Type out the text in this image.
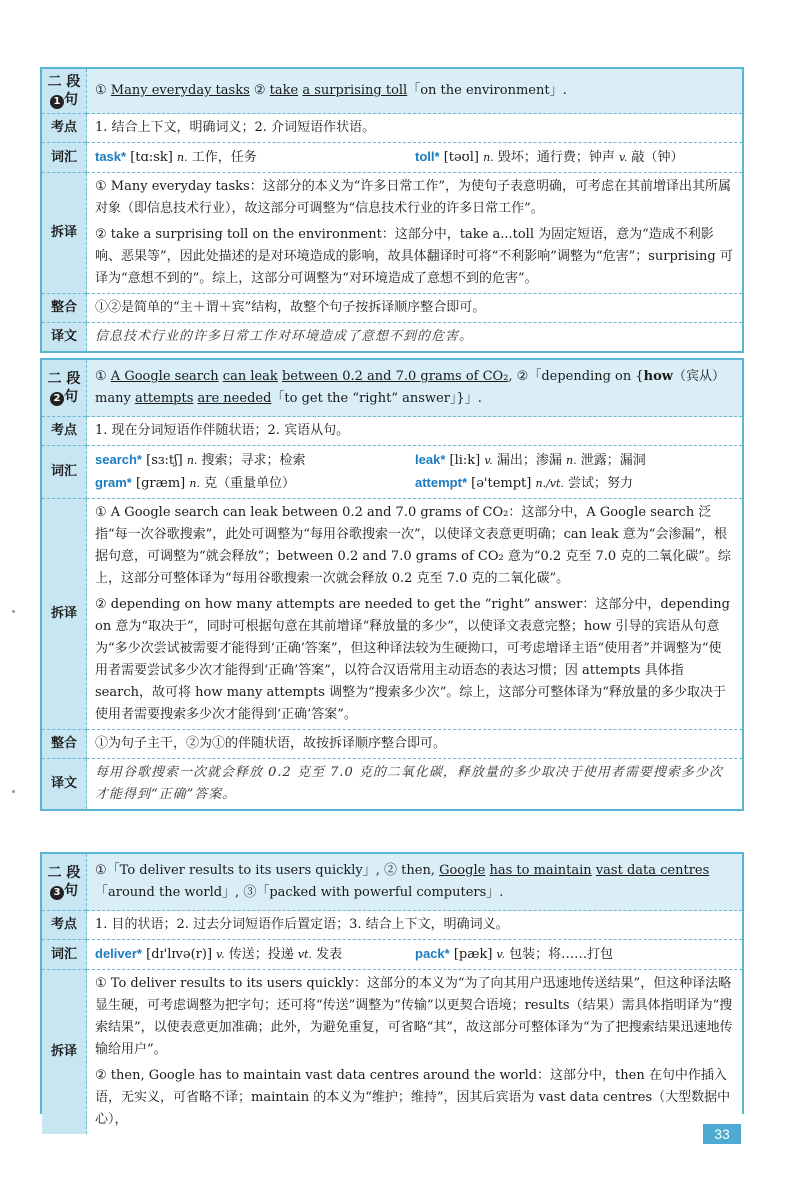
二 段
1 句	① Many everyday tasks ② take a surprising toll「on the environment」.
考点	1. 结合上下文，明确词义；2. 介词短语作状语。
词汇	task* [tɑ:sk] n. 工作，任务 toll* [təʊl] n. 毁坏；通行费；钟声 v. 敲（钟）

拆译	① Many everyday tasks：这部分的本义为“许多日常工作”，为使句子表意明确，可考虑在其前增译出其所属对象（即信息技术行业），故这部分可调整为“信息技术行业的许多日常工作”。

② take a surprising toll on the environment：这部分中，take a...toll 为固定短语，意为“造成不利影响、恶果等”，因此处描述的是对环境造成的影响，故具体翻译时可将“不利影响”调整为“危害”；surprising 可译为“意想不到的”。综上，这部分可调整为“对环境造成了意想不到的危害”。

整合	①②是简单的“主＋谓＋宾”结构，故整个句子按拆译顺序整合即可。
译文	信息技术行业的许多日常工作对环境造成了意想不到的危害。
二 段
2 句	① A Google search can leak between 0.2 and 7.0 grams of CO₂, ②「depending on {how（宾从）many attempts are needed「to get the “right” answer」}」.
考点	1. 现在分词短语作伴随状语；2. 宾语从句。
词汇	search* [sɜ:tʃ] n. 搜索；寻求；检索 leak* [li:k] v. 漏出；渗漏 n. 泄露；漏洞
gram* [græm] n. 克（重量单位） attempt* [ə'tempt] n./vt. 尝试；努力

拆译	① A Google search can leak between 0.2 and 7.0 grams of CO₂：这部分中，A Google search 泛指“每一次谷歌搜索”，此处可调整为“每用谷歌搜索一次”，以使译文表意更明确；can leak 意为“会渗漏”，根据句意，可调整为“就会释放”；between 0.2 and 7.0 grams of CO₂ 意为“0.2 克至 7.0 克的二氧化碳”。综上，这部分可整体译为“每用谷歌搜索一次就会释放 0.2 克至 7.0 克的二氧化碳”。

② depending on how many attempts are needed to get the “right” answer：这部分中，depending on 意为“取决于”，同时可根据句意在其前增译“释放量的多少”，以使译文表意完整；how 引导的宾语从句意为“多少次尝试被需要才能得到‘正确’答案”，但这种译法较为生硬拗口，可考虑增译主语“使用者”并调整为“使用者需要尝试多少次才能得到‘正确’答案”，以符合汉语常用主动语态的表达习惯；因 attempts 具体指 search，故可将 how many attempts 调整为“搜索多少次”。综上，这部分可整体译为“释放量的多少取决于使用者需要搜索多少次才能得到‘正确’答案”。

整合	①为句子主干，②为①的伴随状语，故按拆译顺序整合即可。
译文	每用谷歌搜索一次就会释放 0.2 克至 7.0 克的二氧化碳，释放量的多少取决于使用者需要搜索多少次才能得到“正确”答案。
二 段
3 句	①「To deliver results to its users quickly」, ② then, Google has to maintain vast data centres「around the world」, ③「packed with powerful computers」.
考点	1. 目的状语；2. 过去分词短语作后置定语；3. 结合上下文，明确词义。
词汇	deliver* [dɪ'lɪvə(r)] v. 传送；投递 vt. 发表 pack* [pæk] v. 包装；将……打包

拆译	① To deliver results to its users quickly：这部分的本义为“为了向其用户迅速地传送结果”，但这种译法略显生硬，可考虑调整为把字句；还可将“传送”调整为“传输”以更契合语境；results（结果）需具体指明译为“搜索结果”，以使表意更加准确；此外，为避免重复，可省略“其”，故这部分可整体译为“为了把搜索结果迅速地传输给用户”。

② then, Google has to maintain vast data centres around the world：这部分中，then 在句中作插入语，无实义，可省略不译；maintain 的本义为“维护；维持”，因其后宾语为 vast data centres（大型数据中心），

33
